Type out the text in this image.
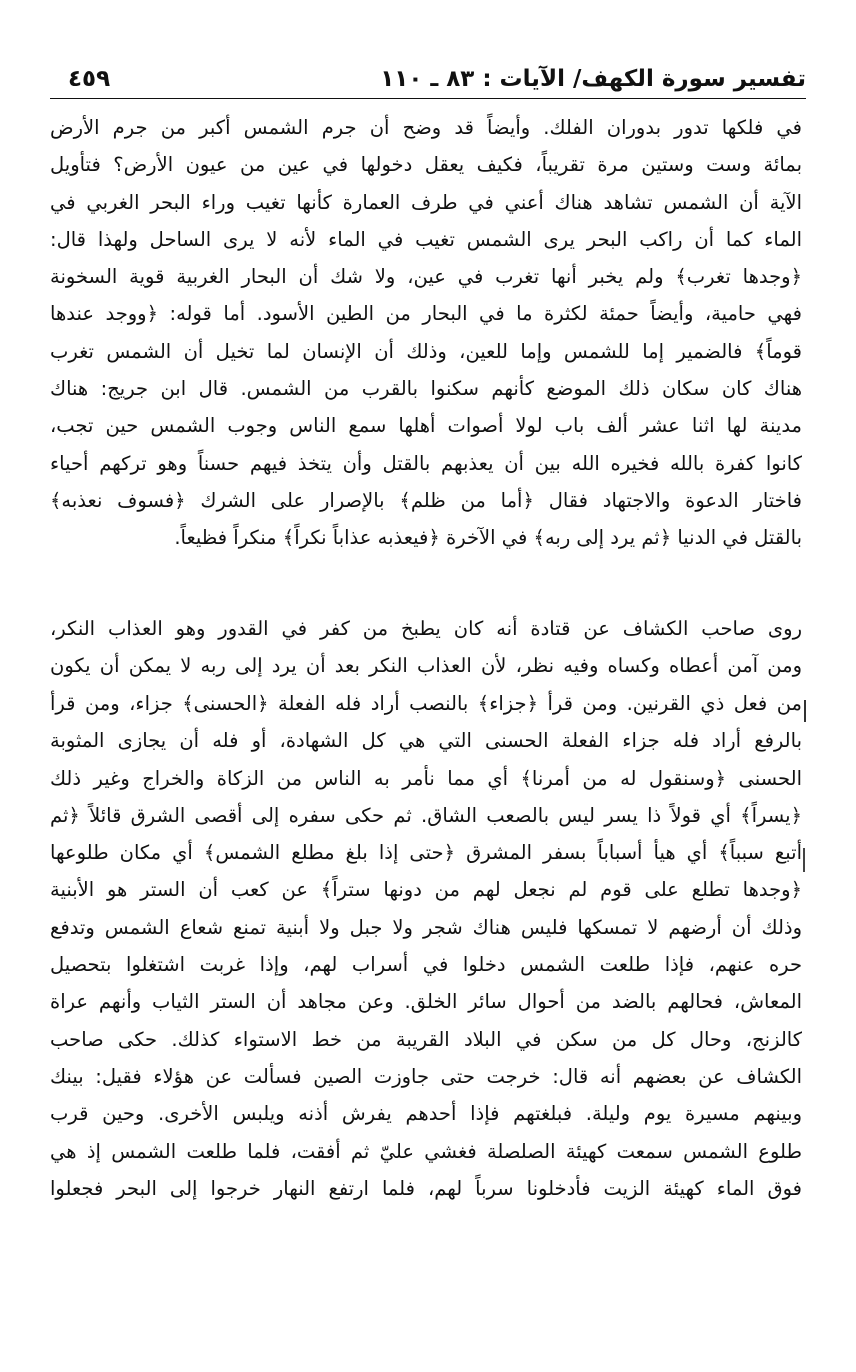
تفسير سورة الكهف/ الآيات : ٨٣ ـ ١١٠
٤٥٩
في فلكها تدور بدوران الفلك. وأيضاً قد وضح أن جرم الشمس أكبر من جرم الأرض
بمائة وست وستين مرة تقريباً، فكيف يعقل دخولها في عين من عيون الأرض؟ فتأويل
الآية أن الشمس تشاهد هناك أعني في طرف العمارة كأنها تغيب وراء البحر الغربي في
الماء كما أن راكب البحر يرى الشمس تغيب في الماء لأنه لا يرى الساحل ولهذا قال:
﴿وجدها تغرب﴾ ولم يخبر أنها تغرب في عين، ولا شك أن البحار الغربية قوية السخونة
فهي حامية، وأيضاً حمئة لكثرة ما في البحار من الطين الأسود. أما قوله: ﴿ووجد عندها
قوماً﴾ فالضمير إما للشمس وإما للعين، وذلك أن الإنسان لما تخيل أن الشمس تغرب
هناك كان سكان ذلك الموضع كأنهم سكنوا بالقرب من الشمس. قال ابن جريج: هناك
مدينة لها اثنا عشر ألف باب لولا أصوات أهلها سمع الناس وجوب الشمس حين تجب،
كانوا كفرة بالله فخيره الله بين أن يعذبهم بالقتل وأن يتخذ فيهم حسناً وهو تركهم أحياء
فاختار الدعوة والاجتهاد فقال ﴿أما من ظلم﴾ بالإصرار على الشرك ﴿فسوف نعذبه﴾
بالقتل في الدنيا ﴿ثم يرد إلى ربه﴾ في الآخرة ﴿فيعذبه عذاباً نكراً﴾ منكراً فظيعاً.
روى صاحب الكشاف عن قتادة أنه كان يطبخ من كفر في القدور وهو العذاب النكر،
ومن آمن أعطاه وكساه وفيه نظر، لأن العذاب النكر بعد أن يرد إلى ربه لا يمكن أن يكون
من فعل ذي القرنين. ومن قرأ ﴿جزاء﴾ بالنصب أراد فله الفعلة ﴿الحسنى﴾ جزاء، ومن قرأ
بالرفع أراد فله جزاء الفعلة الحسنى التي هي كل الشهادة، أو فله أن يجازى المثوبة
الحسنى ﴿وسنقول له من أمرنا﴾ أي مما نأمر به الناس من الزكاة والخراج وغير ذلك
﴿يسراً﴾ أي قولاً ذا يسر ليس بالصعب الشاق. ثم حكى سفره إلى أقصى الشرق قائلاً ﴿ثم
أتبع سبباً﴾ أي هيأ أسباباً بسفر المشرق ﴿حتى إذا بلغ مطلع الشمس﴾ أي مكان طلوعها
﴿وجدها تطلع على قوم لم نجعل لهم من دونها ستراً﴾ عن كعب أن الستر هو الأبنية
وذلك أن أرضهم لا تمسكها فليس هناك شجر ولا جبل ولا أبنية تمنع شعاع الشمس وتدفع
حره عنهم، فإذا طلعت الشمس دخلوا في أسراب لهم، وإذا غربت اشتغلوا بتحصيل
المعاش، فحالهم بالضد من أحوال سائر الخلق. وعن مجاهد أن الستر الثياب وأنهم عراة
كالزنج، وحال كل من سكن في البلاد القريبة من خط الاستواء كذلك. حكى صاحب
الكشاف عن بعضهم أنه قال: خرجت حتى جاوزت الصين فسألت عن هؤلاء فقيل: بينك
وبينهم مسيرة يوم وليلة. فبلغتهم فإذا أحدهم يفرش أذنه ويلبس الأخرى. وحين قرب
طلوع الشمس سمعت كهيئة الصلصلة فغشي عليّ ثم أفقت، فلما طلعت الشمس إذ هي
فوق الماء كهيئة الزيت فأدخلونا سرباً لهم، فلما ارتفع النهار خرجوا إلى البحر فجعلوا
